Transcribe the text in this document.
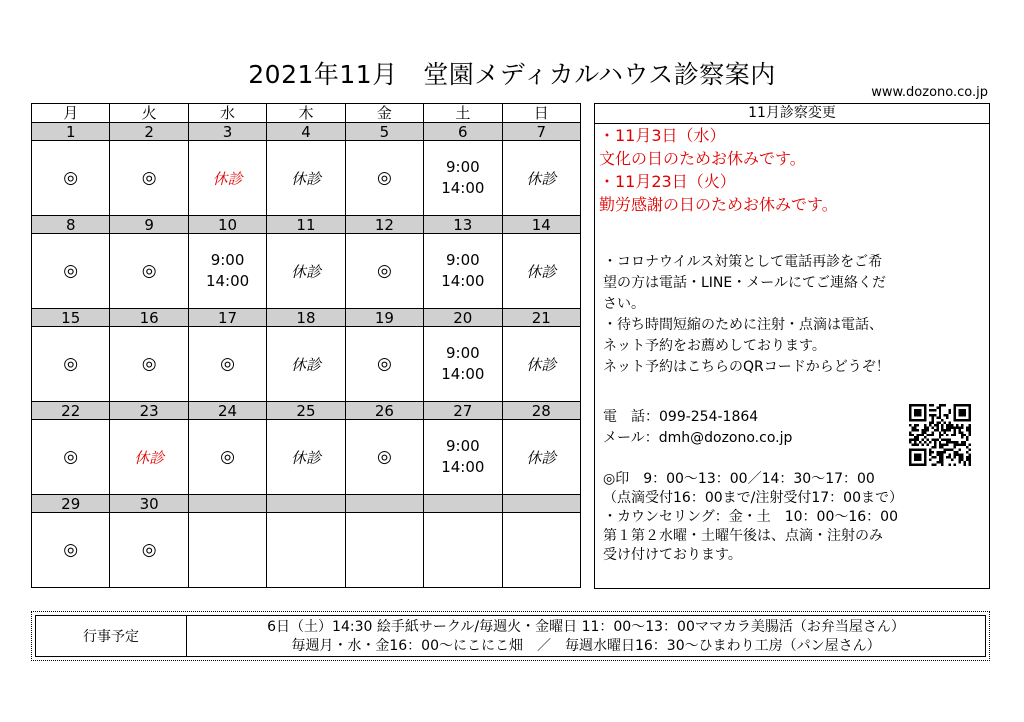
2021年11月　堂園メディカルハウス診察案内
www.dozono.co.jp
月	火	水	木	金	土	日
1	2	3	4	5	6	7
◎	◎	休診	休診	◎	9:00
14:00	休診
8	9	10	11	12	13	14
◎	◎	9:00
14:00	休診	◎	9:00
14:00	休診
15	16	17	18	19	20	21
◎	◎	◎	休診	◎	9:00
14:00	休診
22	23	24	25	26	27	28
◎	休診	◎	休診	◎	9:00
14:00	休診
29	30					
◎	◎					
11月診察変更
・11月3日（水）
文化の日のためお休みです。
・11月23日（火）
勤労感謝の日のためお休みです。
・コロナウイルス対策として電話再診をご希
望の方は電話・LINE・メールにてご連絡くだ
さい。
・待ち時間短縮のために注射・点滴は電話、
ネット予約をお薦めしております。
ネット予約はこちらのQRコードからどうぞ！
電　話：099-254-1864
メール：dmh@dozono.co.jp
◎印　9：00～13：00／14：30～17：00
（点滴受付16：00まで/注射受付17：00まで）
・カウンセリング：金・土　10：00～16：00
第１第２水曜・土曜午後は、点滴・注射のみ
受け付けております。
行事予定
6日（土）14:30 絵手紙サークル/毎週火・金曜日 11：00～13：00ママカラ美腸活（お弁当屋さん）
毎週月・水・金16：00～にこにこ畑　／　毎週水曜日16：30～ひまわり工房（パン屋さん）
